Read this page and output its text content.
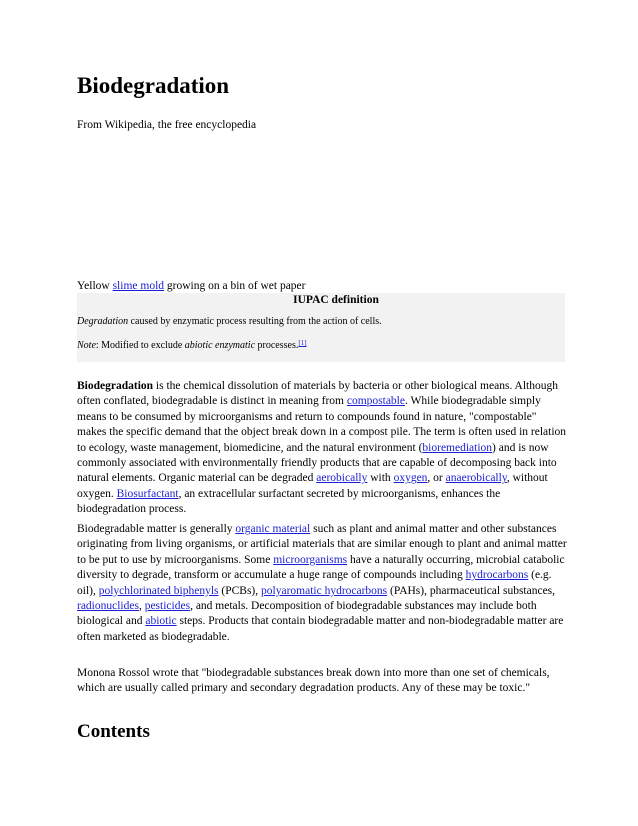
Biodegradation
From Wikipedia, the free encyclopedia
Yellow slime mold growing on a bin of wet paper
IUPAC definition
Degradation caused by enzymatic process resulting from the action of cells.
Note: Modified to exclude abiotic enzymatic processes.[1]
Biodegradation is the chemical dissolution of materials by bacteria or other biological means. Although often conflated, biodegradable is distinct in meaning from compostable. While biodegradable simply means to be consumed by microorganisms and return to compounds found in nature, "compostable" makes the specific demand that the object break down in a compost pile. The term is often used in relation to ecology, waste management, biomedicine, and the natural environment (bioremediation) and is now commonly associated with environmentally friendly products that are capable of decomposing back into natural elements. Organic material can be degraded aerobically with oxygen, or anaerobically, without oxygen. Biosurfactant, an extracellular surfactant secreted by microorganisms, enhances the biodegradation process.
Biodegradable matter is generally organic material such as plant and animal matter and other substances originating from living organisms, or artificial materials that are similar enough to plant and animal matter to be put to use by microorganisms. Some microorganisms have a naturally occurring, microbial catabolic diversity to degrade, transform or accumulate a huge range of compounds including hydrocarbons (e.g. oil), polychlorinated biphenyls (PCBs), polyaromatic hydrocarbons (PAHs), pharmaceutical substances, radionuclides, pesticides, and metals. Decomposition of biodegradable substances may include both biological and abiotic steps. Products that contain biodegradable matter and non-biodegradable matter are often marketed as biodegradable.
Monona Rossol wrote that "biodegradable substances break down into more than one set of chemicals, which are usually called primary and secondary degradation products. Any of these may be toxic."
Contents
